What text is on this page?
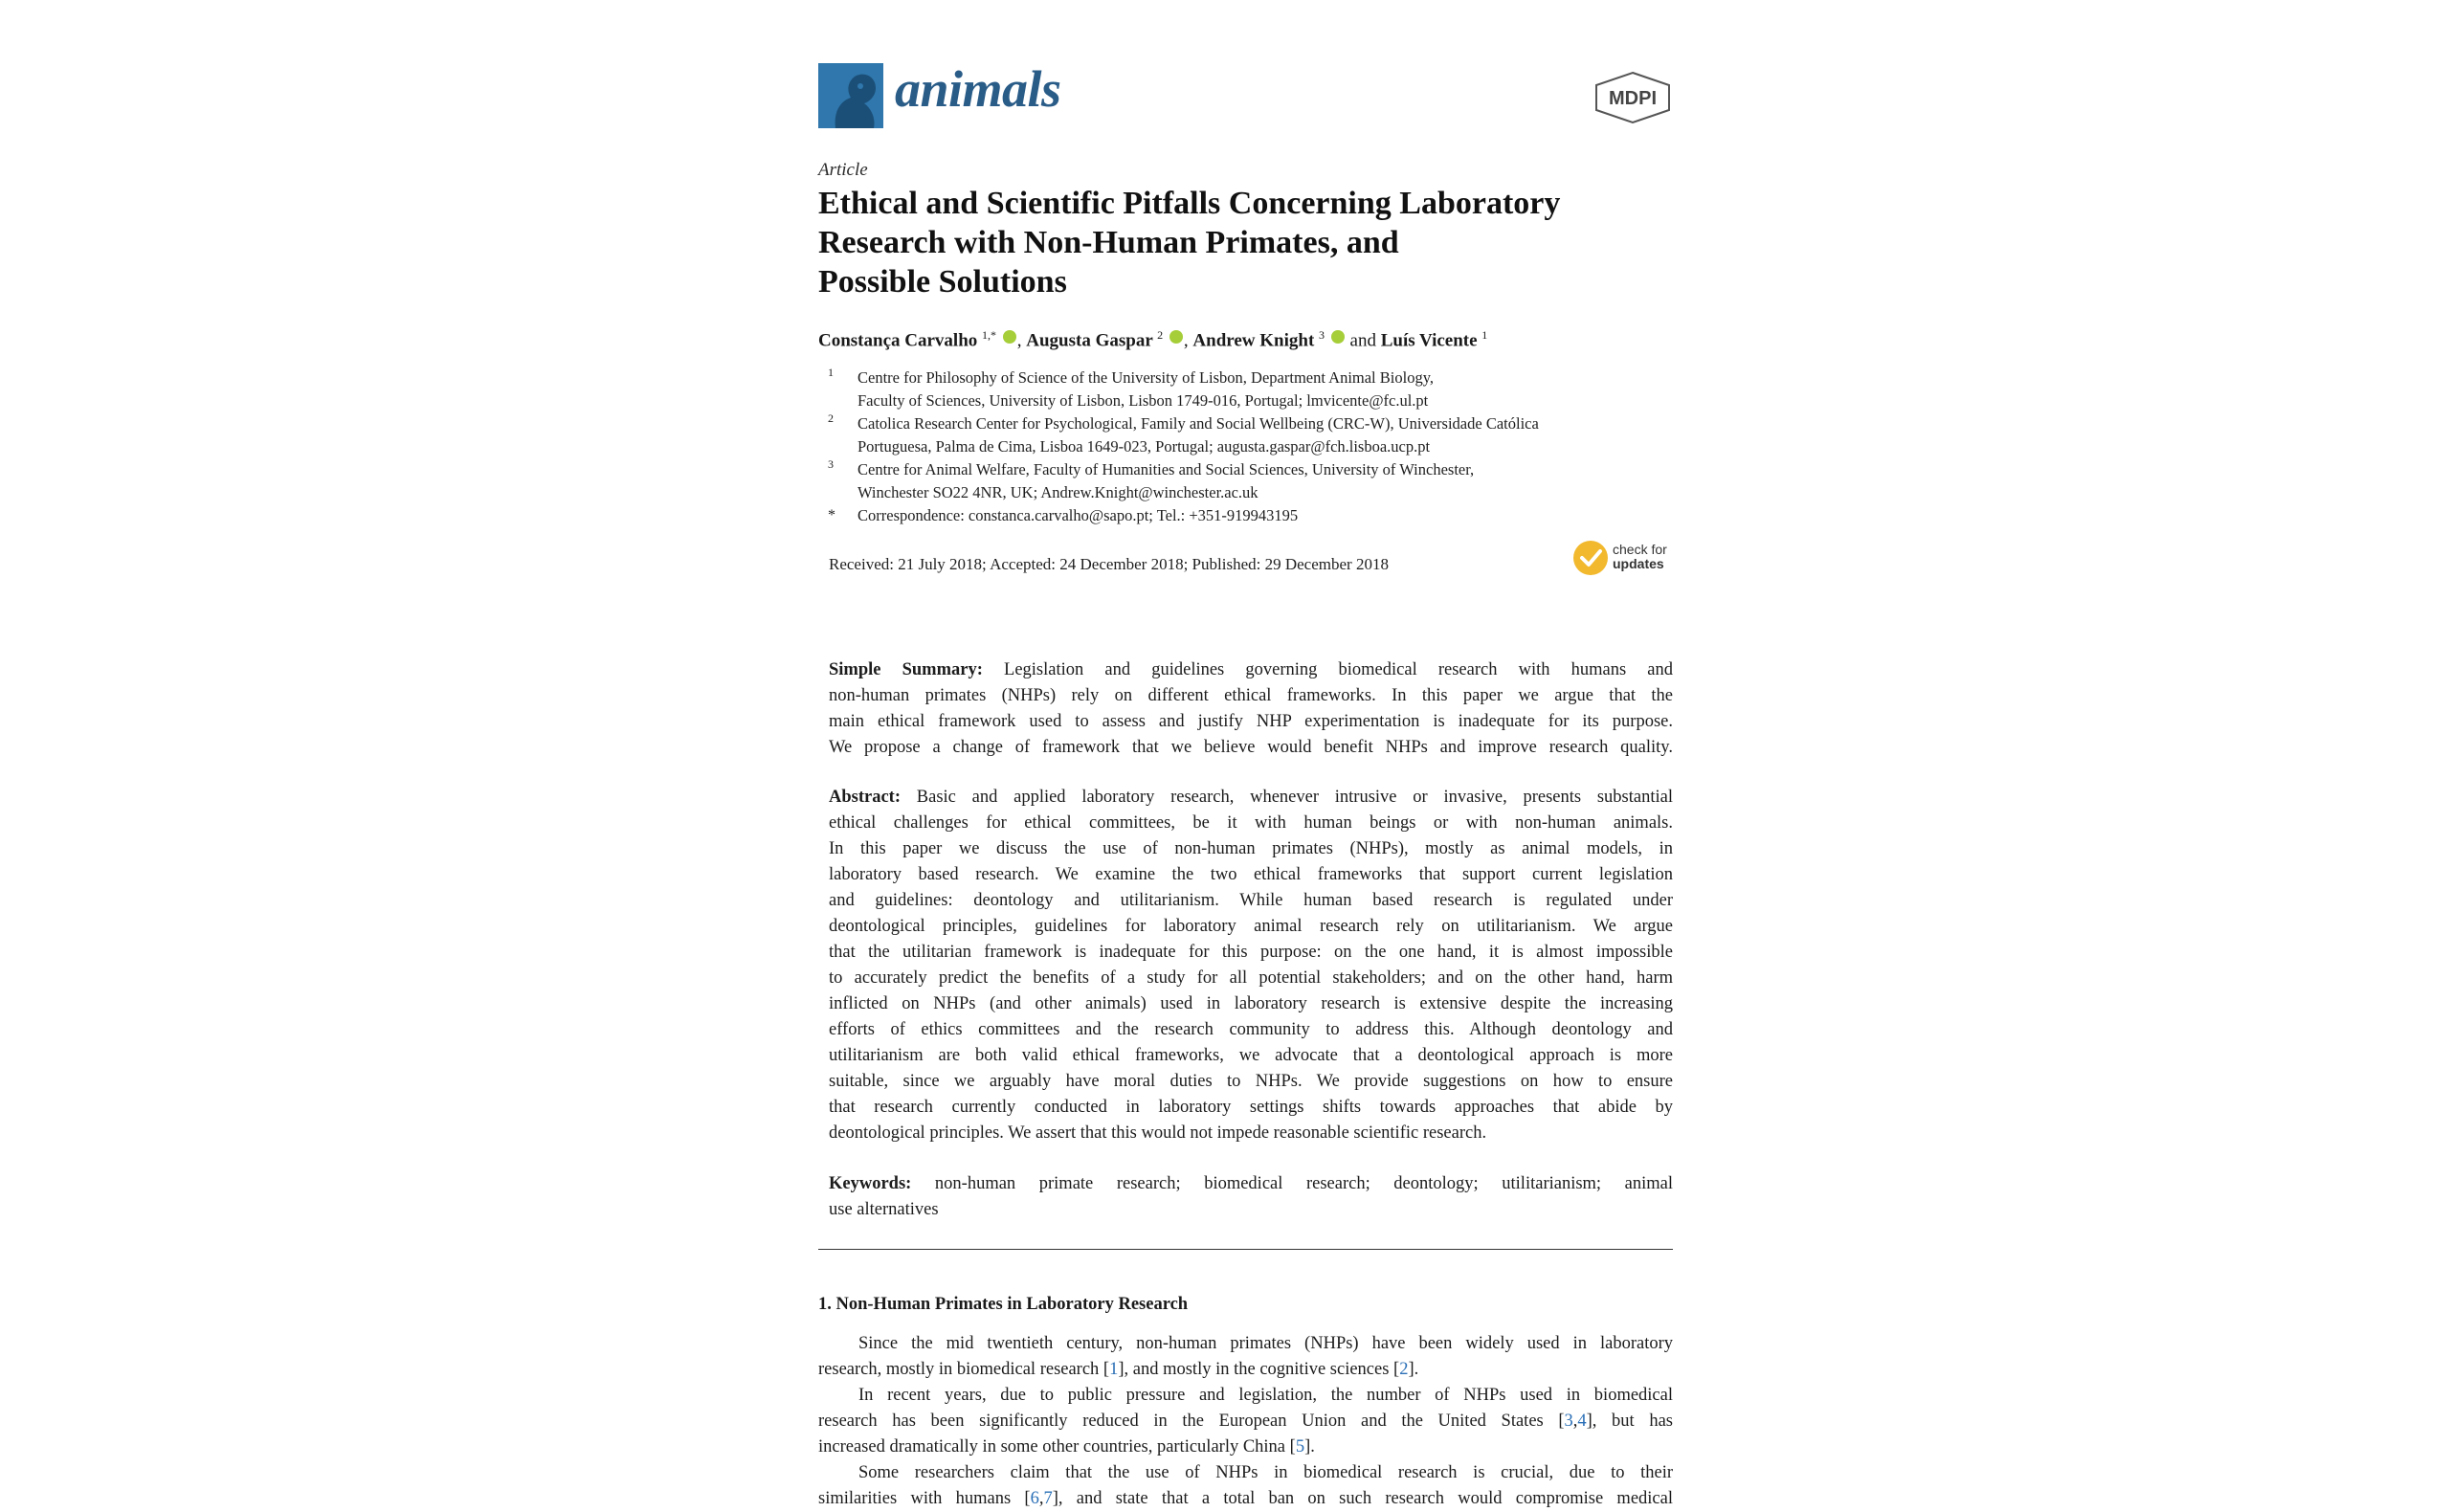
animals	MDPI
Article
Ethical and Scientific Pitfalls Concerning Laboratory
Research with Non-Human Primates, and
Possible Solutions
Constança Carvalho $^{1,*}$ , Augusta Gaspar $^2$ , Andrew Knight $^3$  and Luís Vicente $^1$
1 Centre for Philosophy of Science of the University of Lisbon, Department Animal Biology,
Faculty of Sciences, University of Lisbon, Lisbon 1749-016, Portugal; lmvicente@fc.ul.pt
2 Catolica Research Center for Psychological, Family and Social Wellbeing (CRC-W), Universidade Católica
Portuguesa, Palma de Cima, Lisboa 1649-023, Portugal; augusta.gaspar@fch.lisboa.ucp.pt
3 Centre for Animal Welfare, Faculty of Humanities and Social Sciences, University of Winchester,
Winchester SO22 4NR, UK; Andrew.Knight@winchester.ac.uk
* Correspondence: constanca.carvalho@sapo.pt; Tel.: +351-919943195
Received: 21 July 2018; Accepted: 24 December 2018; Published: 29 December 2018
check for
updates
Simple Summary: Legislation and guidelines governing biomedical research with humans and
non-human primates (NHPs) rely on different ethical frameworks. In this paper we argue that the
main ethical framework used to assess and justify NHP experimentation is inadequate for its purpose.
We propose a change of framework that we believe would benefit NHPs and improve research quality.
Abstract: Basic and applied laboratory research, whenever intrusive or invasive, presents substantial
ethical challenges for ethical committees, be it with human beings or with non-human animals.
In this paper we discuss the use of non-human primates (NHPs), mostly as animal models, in
laboratory based research. We examine the two ethical frameworks that support current legislation
and guidelines: deontology and utilitarianism. While human based research is regulated under
deontological principles, guidelines for laboratory animal research rely on utilitarianism. We argue
that the utilitarian framework is inadequate for this purpose: on the one hand, it is almost impossible
to accurately predict the benefits of a study for all potential stakeholders; and on the other hand, harm
inflicted on NHPs (and other animals) used in laboratory research is extensive despite the increasing
efforts of ethics committees and the research community to address this. Although deontology and
utilitarianism are both valid ethical frameworks, we advocate that a deontological approach is more
suitable, since we arguably have moral duties to NHPs. We provide suggestions on how to ensure
that research currently conducted in laboratory settings shifts towards approaches that abide by
deontological principles. We assert that this would not impede reasonable scientific research.
Keywords: non-human primate research; biomedical research; deontology; utilitarianism; animal
use alternatives
1. Non-Human Primates in Laboratory Research
Since the mid twentieth century, non-human primates (NHPs) have been widely used in laboratory
research, mostly in biomedical research [1], and mostly in the cognitive sciences [2].
In recent years, due to public pressure and legislation, the number of NHPs used in biomedical
research has been significantly reduced in the European Union and the United States [3,4], but has
increased dramatically in some other countries, particularly China [5].
Some researchers claim that the use of NHPs in biomedical research is crucial, due to their
similarities with humans [6,7], and state that a total ban on such research would compromise medical
